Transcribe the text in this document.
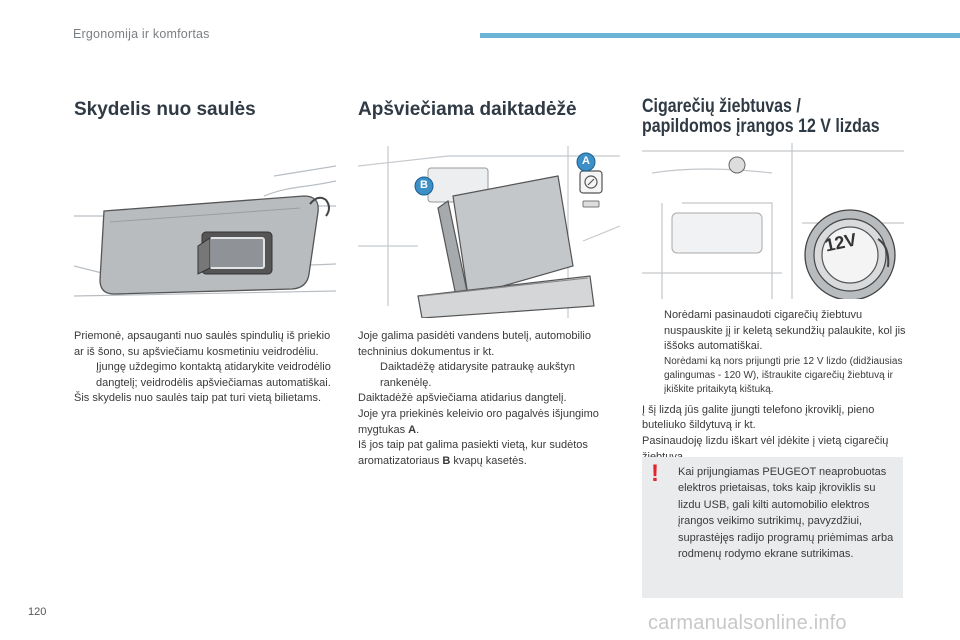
Ergonomija ir komfortas
Skydelis nuo saulės

Priemonė, apsauganti nuo saulės spindulių iš priekio ar iš šono, su apšviečiamu kosmetiniu veidrodėliu.

Įjungę uždegimo kontaktą atidarykite veidrodėlio dangtelį; veidrodėlis apšviečiamas automatiškai.

Šis skydelis nuo saulės taip pat turi vietą bilietams.

Apšviečiama daiktadėžė
A
B

Joje galima pasidėti vandens butelį, automobilio techninius dokumentus ir kt.

Daiktadėžę atidarysite patraukę aukštyn rankenėlę.

Daiktadėžė apšviečiama atidarius dangtelį.

Joje yra priekinės keleivio oro pagalvės išjungimo mygtukas A.

Iš jos taip pat galima pasiekti vietą, kur sudėtos aromatizatoriaus B kvapų kasetės.

Cigarečių žiebtuvas /
papildomos įrangos 12 V lizdas
12V

Norėdami pasinaudoti cigarečių žiebtuvu nuspauskite jį ir keletą sekundžių palaukite, kol jis iššoks automatiškai.

Norėdami ką nors prijungti prie 12 V lizdo (didžiausias galingumas - 120 W), ištraukite cigarečių žiebtuvą ir įkiškite pritaikytą kištuką.

Į šį lizdą jūs galite įjungti telefono įkroviklį, pieno buteliuko šildytuvą ir kt.

Pasinaudoję lizdu iškart vėl įdėkite į vietą cigarečių

!	Kai prijungiamas PEUGEOT neaprobuotas elektros prietaisas, toks kaip įkroviklis su lizdu USB, gali kilti automobilio elektros įrangos veikimo sutrikimų, pavyzdžiui, suprastėjęs radijo programų priėmimas arba rodmenų rodymo ekrane sutrikimas.
120	carmanualsonline.info
